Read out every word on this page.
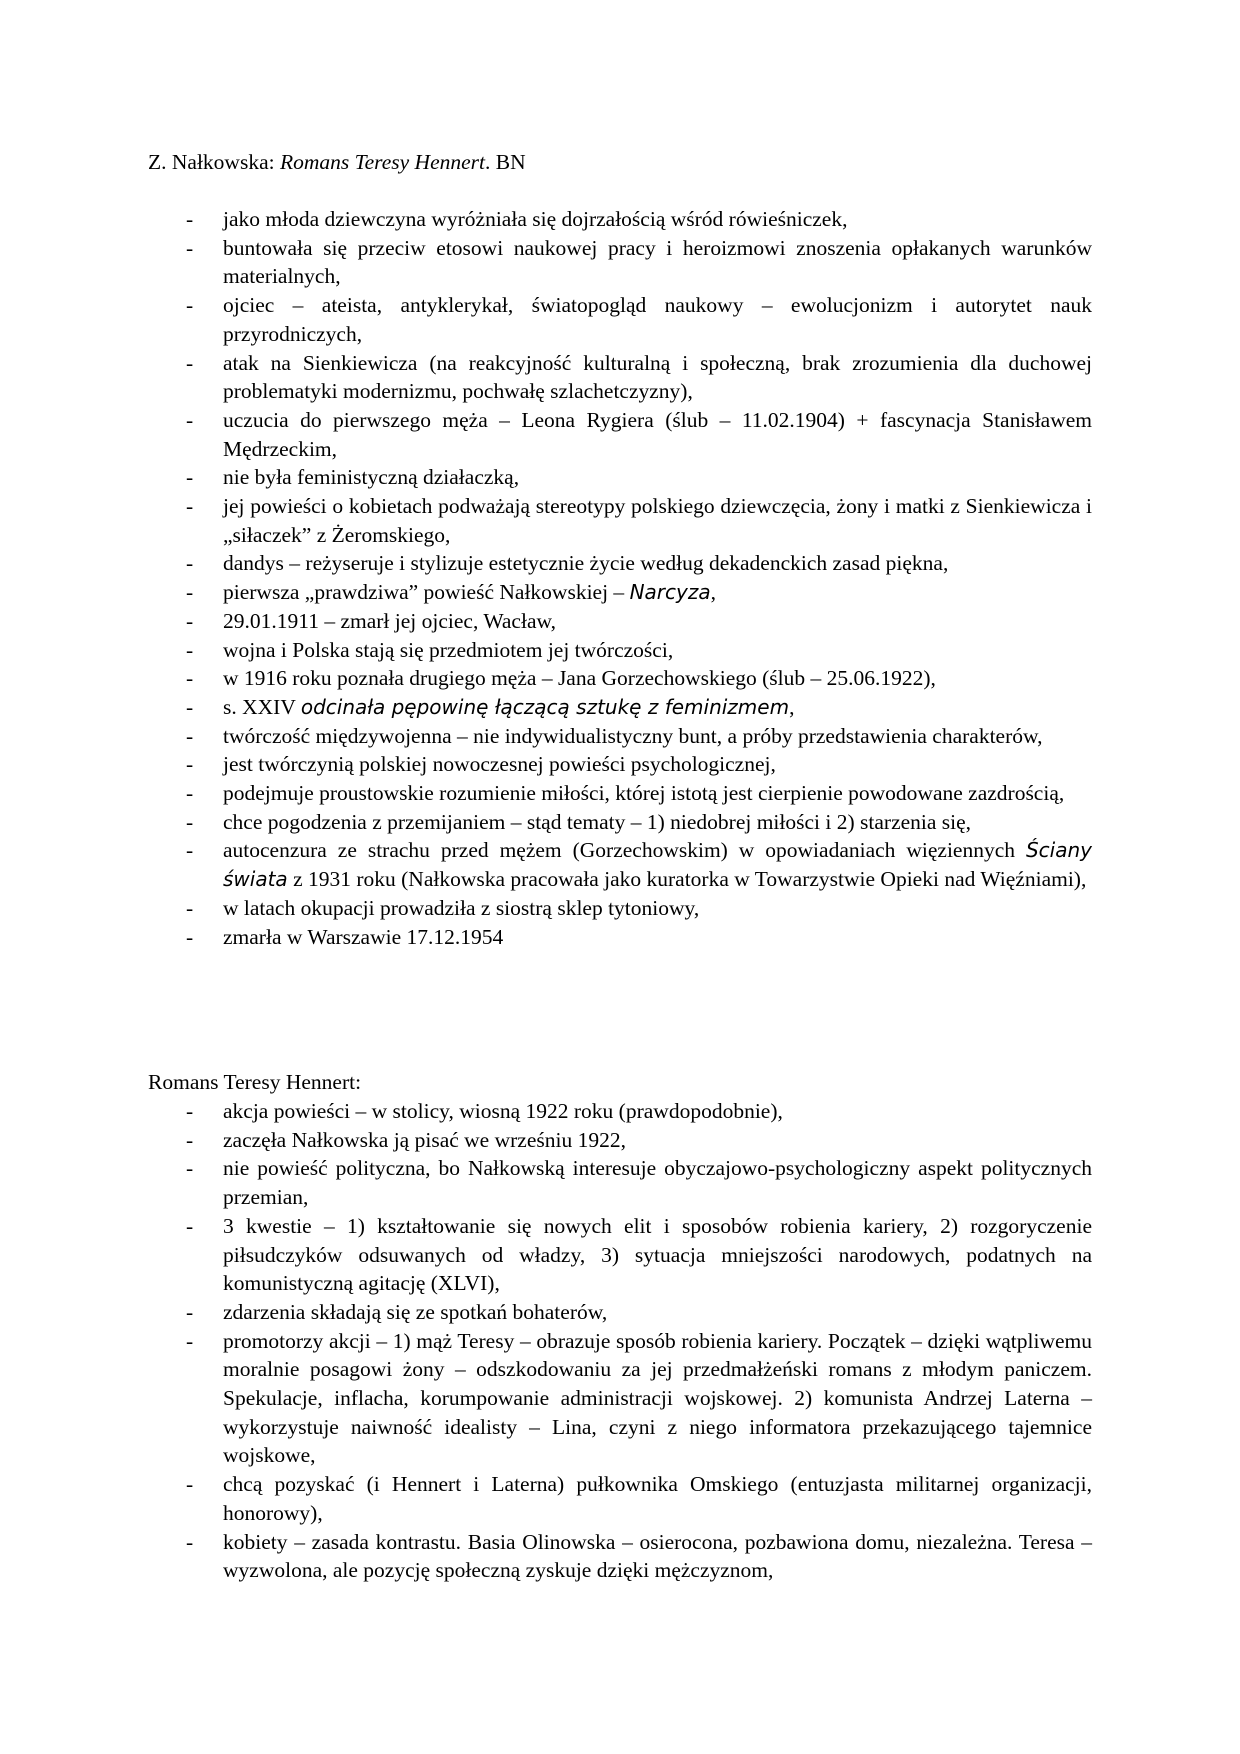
Z. Nałkowska: Romans Teresy Hennert. BN
- jako młoda dziewczyna wyróżniała się dojrzałością wśród rówieśniczek,
- buntowała się przeciw etosowi naukowej pracy i heroizmowi znoszenia opłakanych warunków materialnych,
- ojciec – ateista, antyklerykał, światopogląd naukowy – ewolucjonizm i autorytet nauk przyrodniczych,
- atak na Sienkiewicza (na reakcyjność kulturalną i społeczną, brak zrozumienia dla duchowej problematyki modernizmu, pochwałę szlachetczyzny),
- uczucia do pierwszego męża – Leona Rygiera (ślub – 11.02.1904) + fascynacja Stanisławem Mędrzeckim,
- nie była feministyczną działaczką,
- jej powieści o kobietach podważają stereotypy polskiego dziewczęcia, żony i matki z Sienkiewicza i „siłaczek” z Żeromskiego,
- dandys – reżyseruje i stylizuje estetycznie życie według dekadenckich zasad piękna,
- pierwsza „prawdziwa” powieść Nałkowskiej – Narcyza,
- 29.01.1911 – zmarł jej ojciec, Wacław,
- wojna i Polska stają się przedmiotem jej twórczości,
- w 1916 roku poznała drugiego męża – Jana Gorzechowskiego (ślub – 25.06.1922),
- s. XXIV odcinała pępowinę łączącą sztukę z feminizmem,
- twórczość międzywojenna – nie indywidualistyczny bunt, a próby przedstawienia charakterów,
- jest twórczynią polskiej nowoczesnej powieści psychologicznej,
- podejmuje proustowskie rozumienie miłości, której istotą jest cierpienie powodowane zazdrością,
- chce pogodzenia z przemijaniem – stąd tematy – 1) niedobrej miłości i 2) starzenia się,
- autocenzura ze strachu przed mężem (Gorzechowskim) w opowiadaniach więziennych Ściany świata z 1931 roku (Nałkowska pracowała jako kuratorka w Towarzystwie Opieki nad Więźniami),
- w latach okupacji prowadziła z siostrą sklep tytoniowy,
- zmarła w Warszawie 17.12.1954
Romans Teresy Hennert:
- akcja powieści – w stolicy, wiosną 1922 roku (prawdopodobnie),
- zaczęła Nałkowska ją pisać we wrześniu 1922,
- nie powieść polityczna, bo Nałkowską interesuje obyczajowo-psychologiczny aspekt politycznych przemian,
- 3 kwestie – 1) kształtowanie się nowych elit i sposobów robienia kariery, 2) rozgoryczenie piłsudczyków odsuwanych od władzy, 3) sytuacja mniejszości narodowych, podatnych na komunistyczną agitację (XLVI),
- zdarzenia składają się ze spotkań bohaterów,
- promotorzy akcji – 1) mąż Teresy – obrazuje sposób robienia kariery. Początek – dzięki wątpliwemu moralnie posagowi żony – odszkodowaniu za jej przedmałżeński romans z młodym paniczem. Spekulacje, inflacha, korumpowanie administracji wojskowej. 2) komunista Andrzej Laterna – wykorzystuje naiwność idealisty – Lina, czyni z niego informatora przekazującego tajemnice wojskowe,
- chcą pozyskać (i Hennert i Laterna) pułkownika Omskiego (entuzjasta militarnej organizacji, honorowy),
- kobiety – zasada kontrastu. Basia Olinowska – osierocona, pozbawiona domu, niezależna. Teresa – wyzwolona, ale pozycję społeczną zyskuje dzięki mężczyznom,
